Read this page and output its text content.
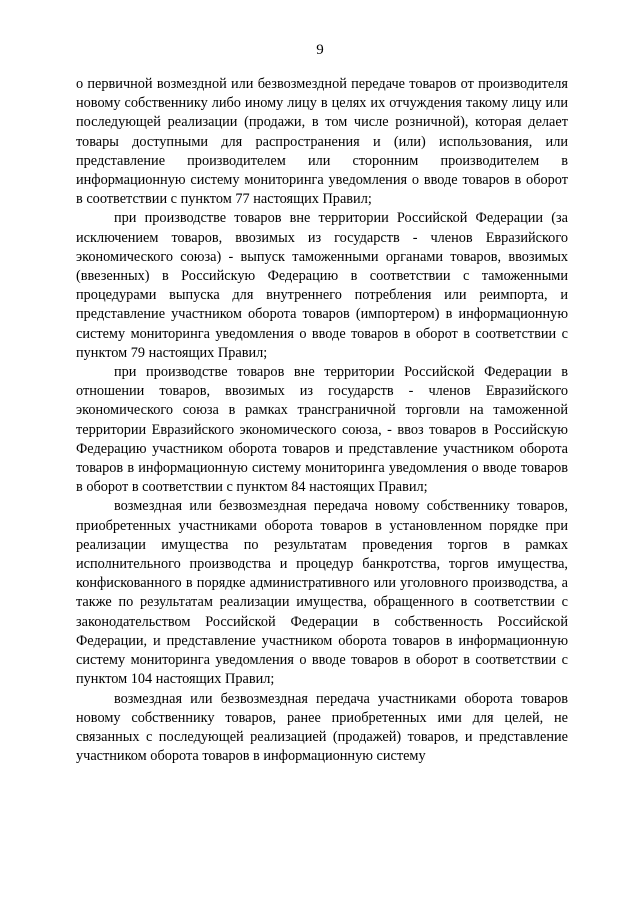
9

о первичной возмездной или безвозмездной передаче товаров от производителя новому собственнику либо иному лицу в целях их отчуждения такому лицу или последующей реализации (продажи, в том числе розничной), которая делает товары доступными для распространения и (или) использования, или представление производителем или сторонним производителем в информационную систему мониторинга уведомления о вводе товаров в оборот в соответствии с пунктом 77 настоящих Правил;

при производстве товаров вне территории Российской Федерации (за исключением товаров, ввозимых из государств - членов Евразийского экономического союза) - выпуск таможенными органами товаров, ввозимых (ввезенных) в Российскую Федерацию в соответствии с таможенными процедурами выпуска для внутреннего потребления или реимпорта, и представление участником оборота товаров (импортером) в информационную систему мониторинга уведомления о вводе товаров в оборот в соответствии с пунктом 79 настоящих Правил;

при производстве товаров вне территории Российской Федерации в отношении товаров, ввозимых из государств - членов Евразийского экономического союза в рамках трансграничной торговли на таможенной территории Евразийского экономического союза, - ввоз товаров в Российскую Федерацию участником оборота товаров и представление участником оборота товаров в информационную систему мониторинга уведомления о вводе товаров в оборот в соответствии с пунктом 84 настоящих Правил;

возмездная или безвозмездная передача новому собственнику товаров, приобретенных участниками оборота товаров в установленном порядке при реализации имущества по результатам проведения торгов в рамках исполнительного производства и процедур банкротства, торгов имущества, конфискованного в порядке административного или уголовного производства, а также по результатам реализации имущества, обращенного в соответствии с законодательством Российской Федерации в собственность Российской Федерации, и представление участником оборота товаров в информационную систему мониторинга уведомления о вводе товаров в оборот в соответствии с пунктом 104 настоящих Правил;

возмездная или безвозмездная передача участниками оборота товаров новому собственнику товаров, ранее приобретенных ими для целей, не связанных с последующей реализацией (продажей) товаров, и представление участником оборота товаров в информационную систему
